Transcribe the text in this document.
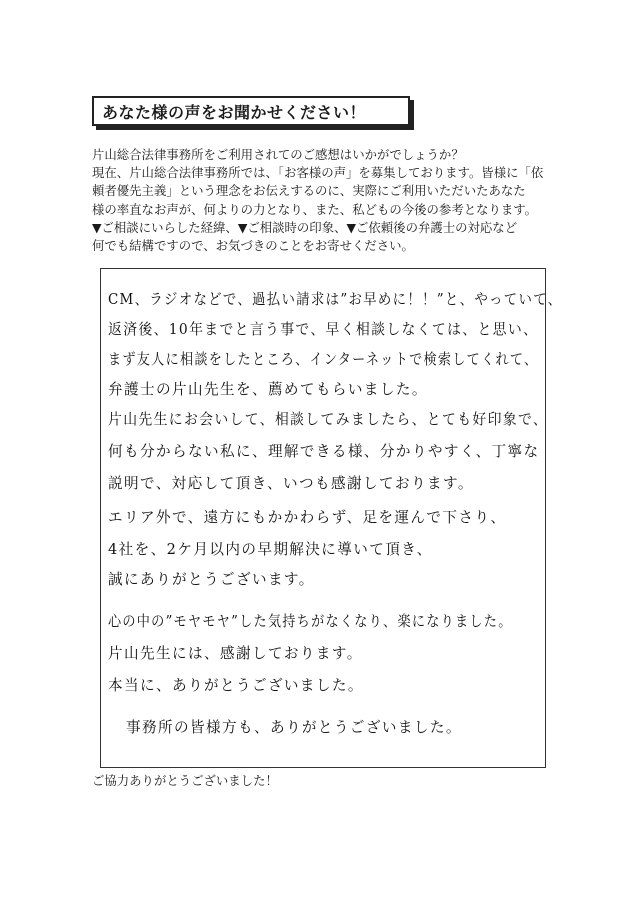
あなた様の声をお聞かせください！
片山総合法律事務所をご利用されてのご感想はいかがでしょうか？
現在、片山総合法律事務所では、「お客様の声」を募集しております。皆様に「依
頼者優先主義」という理念をお伝えするのに、実際にご利用いただいたあなた
様の率直なお声が、何よりの力となり、また、私どもの今後の参考となります。
▼ご相談にいらした経緯、▼ご相談時の印象、▼ご依頼後の弁護士の対応など
何でも結構ですので、お気づきのことをお寄せください。
CM、ラジオなどで、過払い請求は”お早めに！！”と、やっていて、
返済後、10年までと言う事で、早く相談しなくては、と思い、
まず友人に相談をしたところ、インターネットで検索してくれて、
弁護士の片山先生を、薦めてもらいました。
片山先生にお会いして、相談してみましたら、とても好印象で、
何も分からない私に、理解できる様、分かりやすく、丁寧な
説明で、対応して頂き、いつも感謝しております。
エリア外で、遠方にもかかわらず、足を運んで下さり、
4社を、2ケ月以内の早期解決に導いて頂き、
誠にありがとうございます。
心の中の”モヤモヤ”した気持ちがなくなり、楽になりました。
片山先生には、感謝しております。
本当に、ありがとうございました。
事務所の皆様方も、ありがとうございました。
ご協力ありがとうございました！
